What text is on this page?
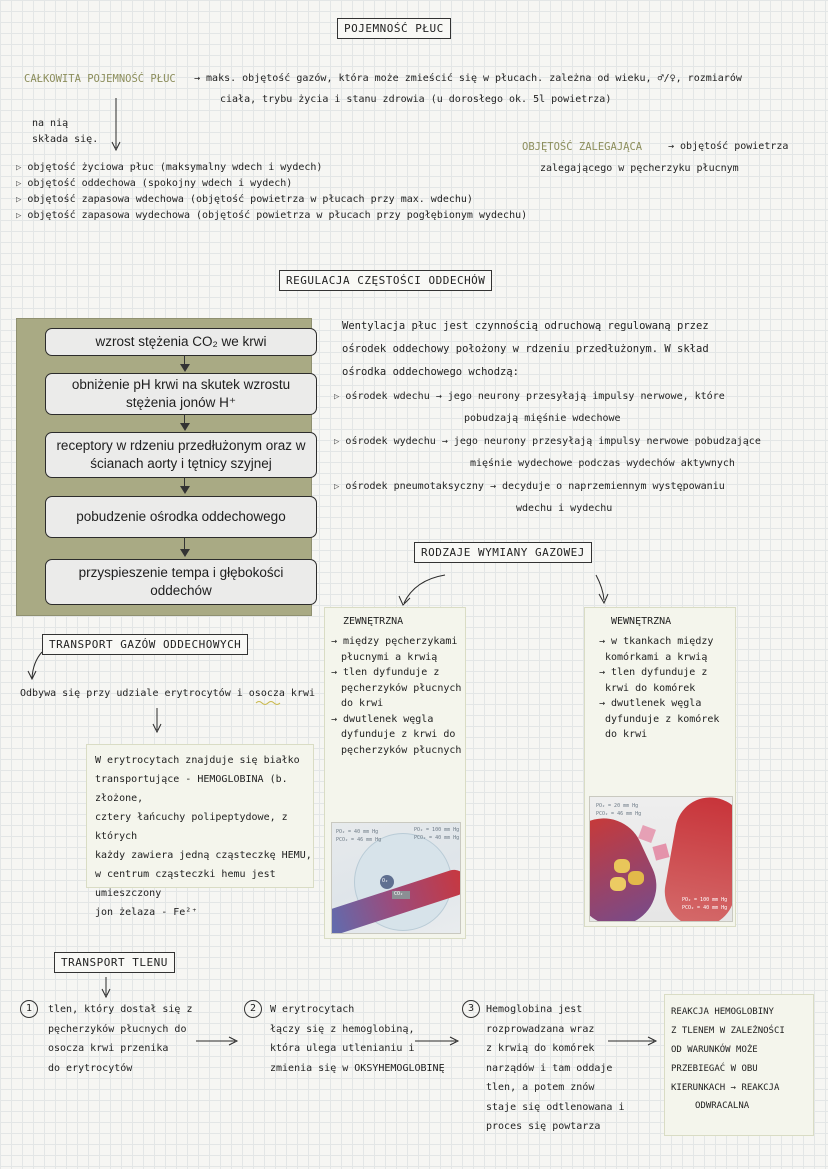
POJEMNOŚĆ PŁUC
CAŁKOWITA POJEMNOŚĆ PŁUC → maks. objętość gazów, która może zmieścić się w płucach. zależna od wieku, ♂/♀, rozmiarów
ciała, trybu życia i stanu zdrowia (u dorosłego ok. 5l powietrza)
na nią składa się.
▷ objętość życiowa płuc (maksymalny wdech i wydech)
▷ objętość oddechowa (spokojny wdech i wydech)
▷ objętość zapasowa wdechowa (objętość powietrza w płucach przy max. wdechu)
▷ objętość zapasowa wydechowa (objętość powietrza w płucach przy pogłębionym wydechu)
OBJĘTOŚĆ ZALEGAJĄCA	→ objętość powietrza
zalegającego w pęcherzyku płucnym
REGULACJA CZĘSTOŚCI ODDECHÓW
wzrost stężenia CO₂ we krwi
obniżenie pH krwi na skutek wzrostu stężenia jonów H⁺
receptory w rdzeniu przedłużonym oraz w ścianach aorty i tętnicy szyjnej
pobudzenie ośrodka oddechowego
przyspieszenie tempa i głębokości oddechów
Wentylacja płuc jest czynnością odruchową regulowaną przez
ośrodek oddechowy położony w rdzeniu przedłużonym. W skład
ośrodka oddechowego wchodzą:
▷ ośrodek wdechu → jego neurony przesyłają impulsy nerwowe, które
pobudzają mięśnie wdechowe
▷ ośrodek wydechu → jego neurony przesyłają impulsy nerwowe pobudzające
mięśnie wydechowe podczas wydechów aktywnych
▷ ośrodek pneumotaksyczny → decyduje o naprzemiennym występowaniu
wdechu i wydechu
RODZAJE WYMIANY GAZOWEJ
ZEWNĘTRZNA
→ między pęcherzykami
płucnymi a krwią
→ tlen dyfunduje z
pęcherzyków płucnych
do krwi
→ dwutlenek węgla
dyfunduje z krwi do
pęcherzyków płucnych
PO₂ = 40 mm Hg
PCO₂ = 46 mm Hg
PO₂ = 100 mm Hg
PCO₂ = 40 mm Hg
O₂
CO₂
WEWNĘTRZNA
→ w tkankach między
komórkami a krwią
→ tlen dyfunduje z
krwi do komórek
→ dwutlenek węgla
dyfunduje z komórek
do krwi
PO₂ = 20 mm Hg
PCO₂ = 46 mm Hg
PO₂ = 100 mm Hg
PCO₂ = 40 mm Hg
TRANSPORT GAZÓW ODDECHOWYCH
Odbywa się przy udziale erytrocytów i osocza krwi
W erytrocytach znajduje się białko
transportujące - HEMOGLOBINA (b. złożone,
cztery łańcuchy polipeptydowe, z których
każdy zawiera jedną cząsteczkę HEMU,
w centrum cząsteczki hemu jest umieszczony
jon żelaza - Fe²⁺
TRANSPORT TLENU
1	tlen, który dostał się z
pęcherzyków płucnych do
osocza krwi przenika
do erytrocytów
2	W erytrocytach
łączy się z hemoglobiną,
która ulega utlenianiu i
zmienia się w OKSYHEMOGLOBINĘ
3	Hemoglobina jest
rozprowadzana wraz
z krwią do komórek
narządów i tam oddaje
tlen, a potem znów
staje się odtlenowana i
proces się powtarza
REAKCJA HEMOGLOBINY
Z TLENEM W ZALEŻNOŚCI
OD WARUNKÓW MOŻE
PRZEBIEGAĆ W OBU
KIERUNKACH → REAKCJA
ODWRACALNA
